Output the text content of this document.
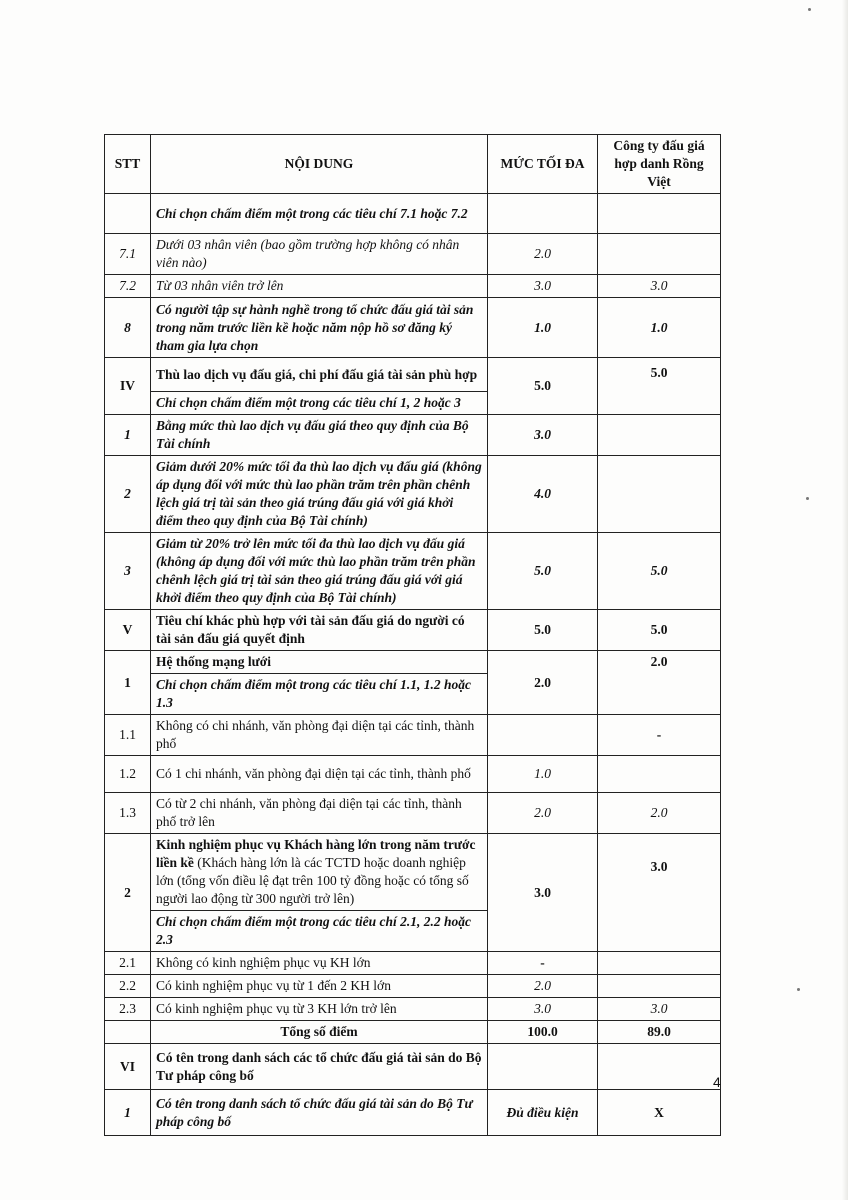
STT	NỘI DUNG	MỨC TỐI ĐA	Công ty đấu giá hợp danh Rồng Việt
	Chỉ chọn chấm điểm một trong các tiêu chí 7.1 hoặc 7.2		
7.1	Dưới 03 nhân viên (bao gồm trường hợp không có nhân viên nào)	2.0	
7.2	Từ 03 nhân viên trở lên	3.0	3.0
8	Có người tập sự hành nghề trong tổ chức đấu giá tài sản trong năm trước liền kề hoặc năm nộp hồ sơ đăng ký tham gia lựa chọn	1.0	1.0
IV	Thù lao dịch vụ đấu giá, chi phí đấu giá tài sản phù hợp	5.0	5.0
	Chỉ chọn chấm điểm một trong các tiêu chí 1, 2 hoặc 3		
1	Bằng mức thù lao dịch vụ đấu giá theo quy định của Bộ Tài chính	3.0	
2	Giảm dưới 20% mức tối đa thù lao dịch vụ đấu giá (không áp dụng đối với mức thù lao phần trăm trên phần chênh lệch giá trị tài sản theo giá trúng đấu giá với giá khởi điểm theo quy định của Bộ Tài chính)	4.0	
3	Giảm từ 20% trở lên mức tối đa thù lao dịch vụ đấu giá (không áp dụng đối với mức thù lao phần trăm trên phần chênh lệch giá trị tài sản theo giá trúng đấu giá với giá khởi điểm theo quy định của Bộ Tài chính)	5.0	5.0
V	Tiêu chí khác phù hợp với tài sản đấu giá do người có tài sản đấu giá quyết định	5.0	5.0
1	Hệ thống mạng lưới	2.0	2.0
	Chỉ chọn chấm điểm một trong các tiêu chí 1.1, 1.2 hoặc 1.3		
1.1	Không có chi nhánh, văn phòng đại diện tại các tỉnh, thành phố		-
1.2	Có 1 chi nhánh, văn phòng đại diện tại các tỉnh, thành phố	1.0	
1.3	Có từ 2 chi nhánh, văn phòng đại diện tại các tỉnh, thành phố trở lên	2.0	2.0
2	Kinh nghiệm phục vụ Khách hàng lớn trong năm trước liền kề (Khách hàng lớn là các TCTD hoặc doanh nghiệp lớn (tổng vốn điều lệ đạt trên 100 tỷ đồng hoặc có tổng số người lao động từ 300 người trở lên)	3.0	3.0
	Chỉ chọn chấm điểm một trong các tiêu chí 2.1, 2.2 hoặc 2.3		
2.1	Không có kinh nghiệm phục vụ KH lớn	-	
2.2	Có kinh nghiệm phục vụ từ 1 đến 2 KH lớn	2.0	
2.3	Có kinh nghiệm phục vụ từ 3 KH lớn trở lên	3.0	3.0
	Tổng số điểm	100.0	89.0
VI	Có tên trong danh sách các tổ chức đấu giá tài sản do Bộ Tư pháp công bố		
1	Có tên trong danh sách tổ chức đấu giá tài sản do Bộ Tư pháp công bố	Đủ điều kiện	X
4
